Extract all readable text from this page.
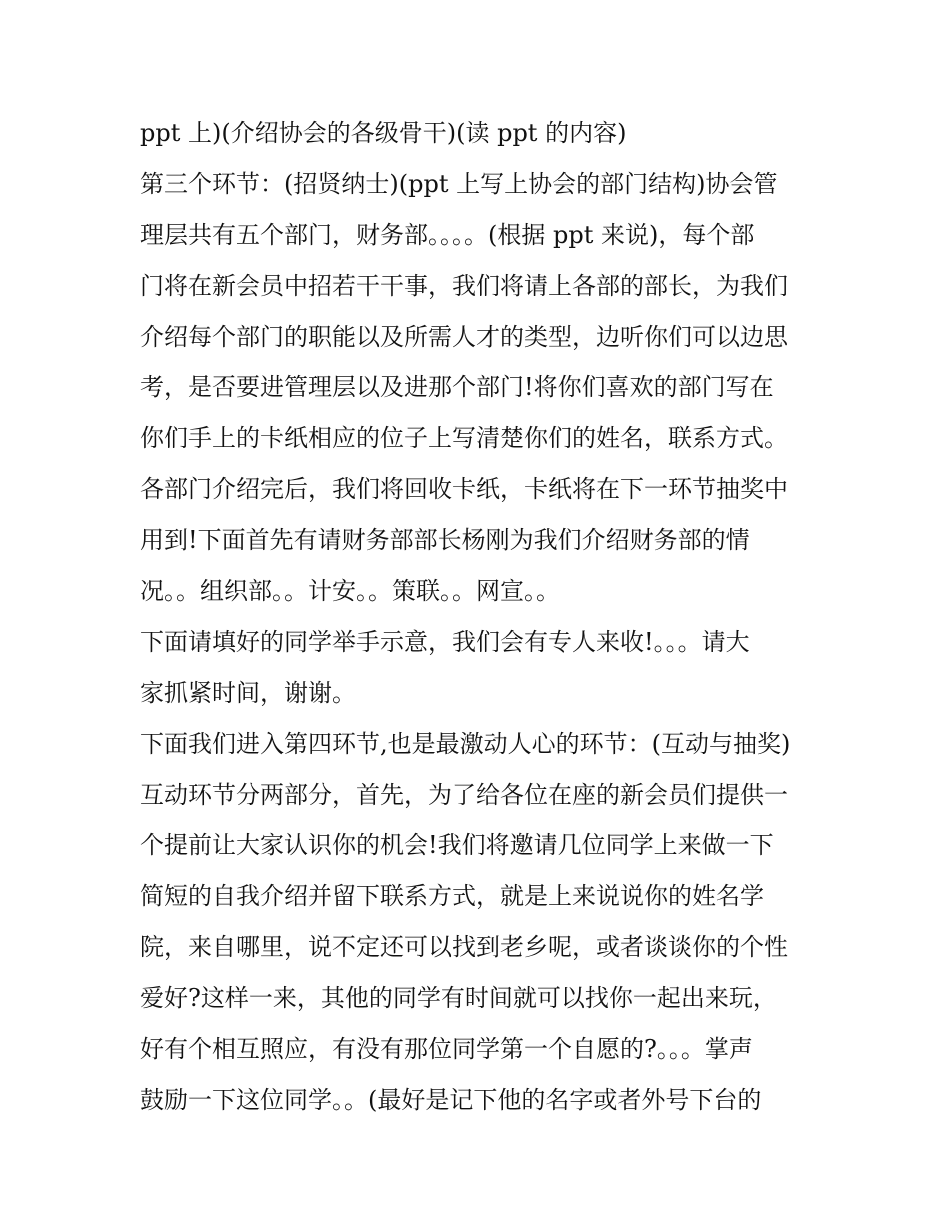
ppt 上)(介绍协会的各级骨干)(读 ppt 的内容)
第三个环节：(招贤纳士)(ppt 上写上协会的部门结构)协会管
理层共有五个部门，财务部。。。。(根据 ppt 来说)，每个部
门将在新会员中招若干干事，我们将请上各部的部长，为我们
介绍每个部门的职能以及所需人才的类型，边听你们可以边思
考，是否要进管理层以及进那个部门!将你们喜欢的部门写在
你们手上的卡纸相应的位子上写清楚你们的姓名，联系方式。
各部门介绍完后，我们将回收卡纸，卡纸将在下一环节抽奖中
用到!下面首先有请财务部部长杨刚为我们介绍财务部的情
况。。组织部。。计安。。策联。。网宣。。
下面请填好的同学举手示意，我们会有专人来收!。。。请大
家抓紧时间，谢谢。
下面我们进入第四环节,也是最激动人心的环节：(互动与抽奖)
互动环节分两部分，首先，为了给各位在座的新会员们提供一
个提前让大家认识你的机会!我们将邀请几位同学上来做一下
简短的自我介绍并留下联系方式，就是上来说说你的姓名学
院，来自哪里，说不定还可以找到老乡呢，或者谈谈你的个性
爱好?这样一来，其他的同学有时间就可以找你一起出来玩，
好有个相互照应，有没有那位同学第一个自愿的?。。。掌声
鼓励一下这位同学。。(最好是记下他的名字或者外号下台的
